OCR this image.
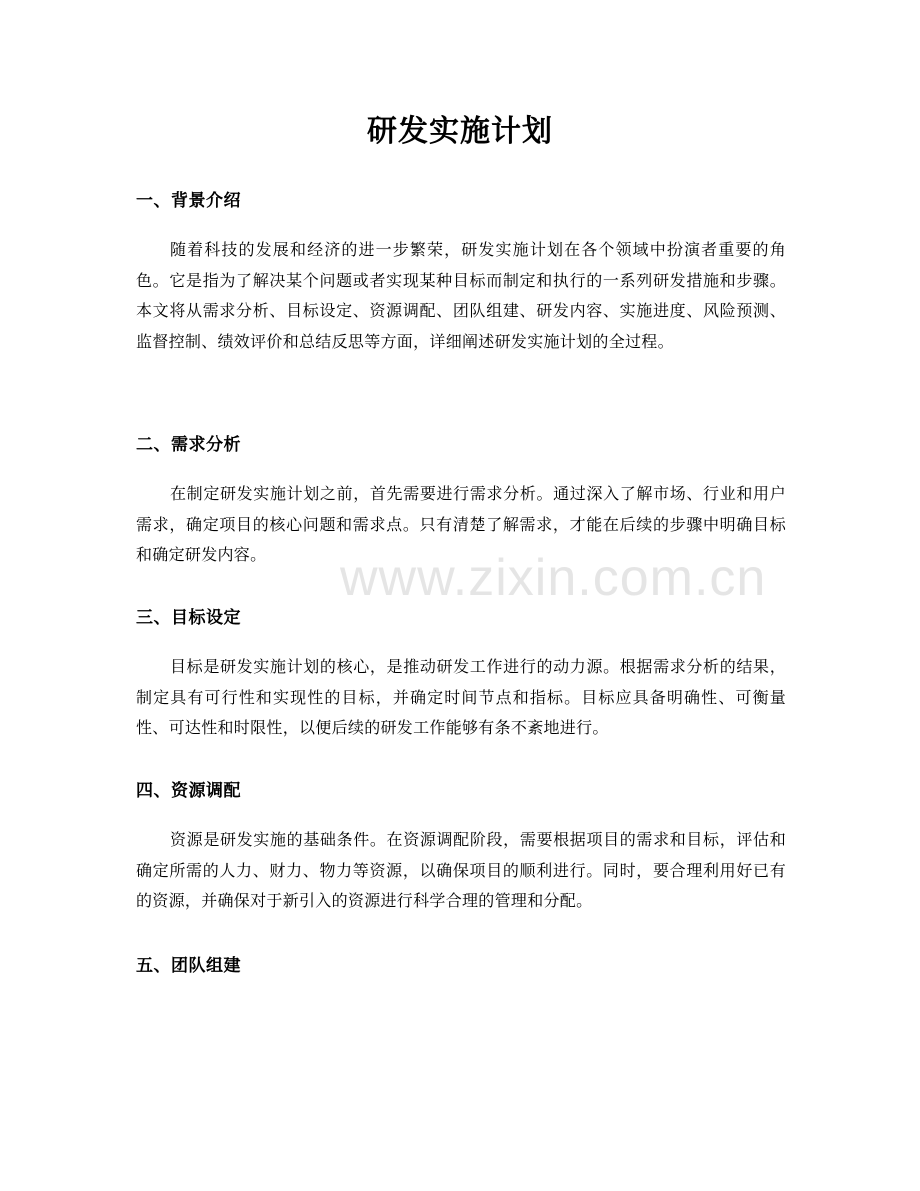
研发实施计划
一、背景介绍

随着科技的发展和经济的进一步繁荣，研发实施计划在各个领域中扮演者重要的角色。它是指为了解决某个问题或者实现某种目标而制定和执行的一系列研发措施和步骤。本文将从需求分析、目标设定、资源调配、团队组建、研发内容、实施进度、风险预测、监督控制、绩效评价和总结反思等方面，详细阐述研发实施计划的全过程。

二、需求分析

在制定研发实施计划之前，首先需要进行需求分析。通过深入了解市场、行业和用户需求，确定项目的核心问题和需求点。只有清楚了解需求，才能在后续的步骤中明确目标和确定研发内容。

三、目标设定

目标是研发实施计划的核心，是推动研发工作进行的动力源。根据需求分析的结果，制定具有可行性和实现性的目标，并确定时间节点和指标。目标应具备明确性、可衡量性、可达性和时限性，以便后续的研发工作能够有条不紊地进行。

四、资源调配

资源是研发实施的基础条件。在资源调配阶段，需要根据项目的需求和目标，评估和确定所需的人力、财力、物力等资源，以确保项目的顺利进行。同时，要合理利用好已有的资源，并确保对于新引入的资源进行科学合理的管理和分配。

五、团队组建
www.zixin.com.cn
